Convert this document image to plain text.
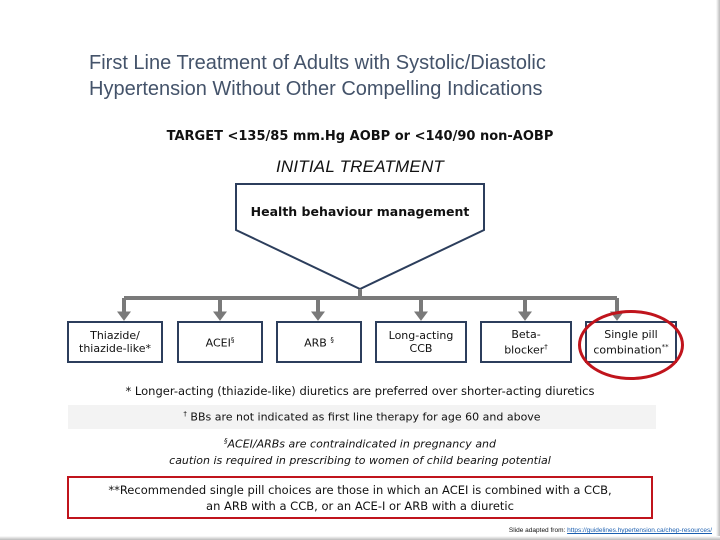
First Line Treatment of Adults with Systolic/Diastolic
Hypertension Without Other Compelling Indications
TARGET <135/85 mm.Hg AOBP or <140/90 non-AOBP
INITIAL TREATMENT
Health behaviour management
Thiazide/
thiazide-like*	ACEI§	ARB §	Long-acting
CCB
Beta-
blocker†
Single pill
combination**
* Longer-acting (thiazide-like) diuretics are preferred over shorter-acting diuretics
† BBs are not indicated as first line therapy for age 60 and above
§ACEI/ARBs are contraindicated in pregnancy and
caution is required in prescribing to women of child bearing potential
**Recommended single pill choices are those in which an ACEI is combined with a CCB,
an ARB with a CCB, or an ACE-I or ARB with a diuretic
Slide adapted from: https://guidelines.hypertension.ca/chep-resources/
